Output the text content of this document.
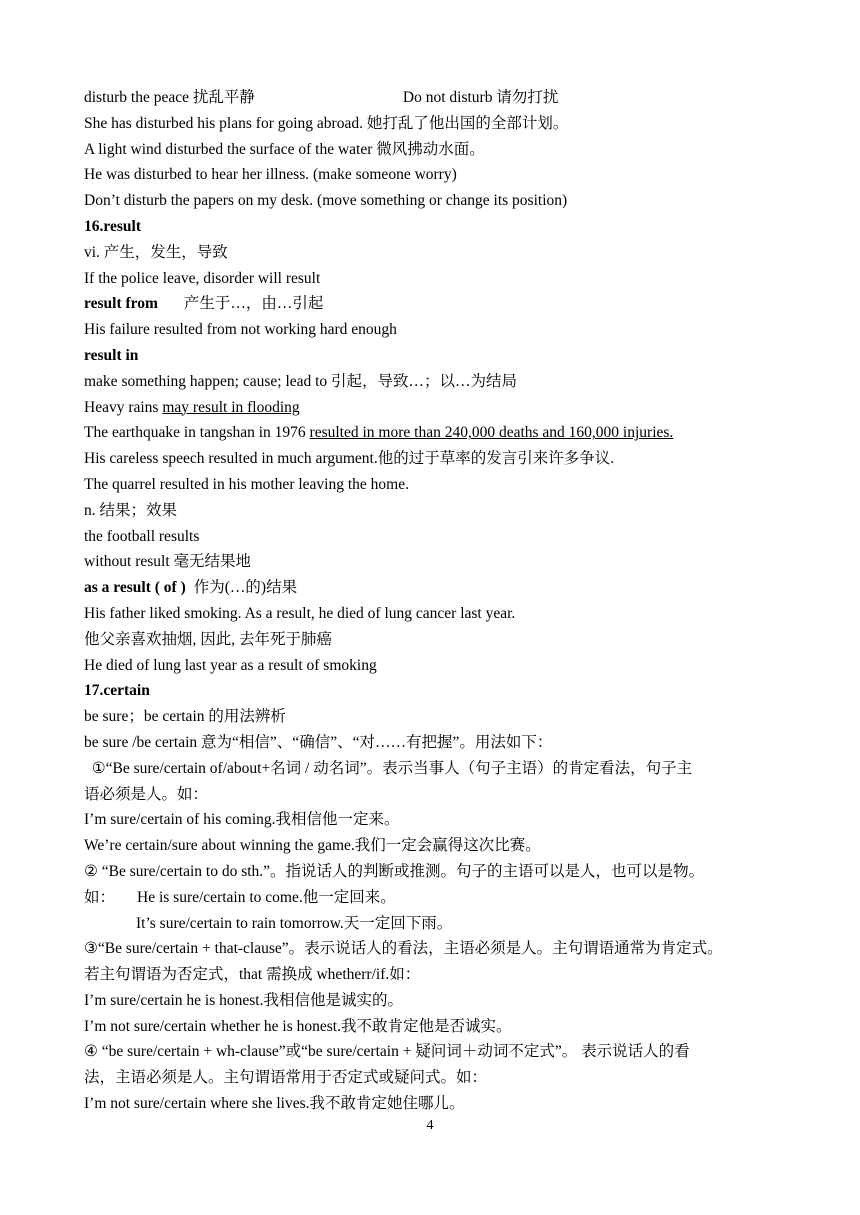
disturb the peace 扰乱平静	Do not disturb 请勿打扰
She has disturbed his plans for going abroad. 她打乱了他出国的全部计划。
A light wind disturbed the surface of the water 微风拂动水面。
He was disturbed to hear her illness. (make someone worry)
Don’t disturb the papers on my desk. (move something or change its position)
16.result
vi. 产生，发生，导致
If the police leave, disorder will result
result from 产生于…，由…引起
His failure resulted from not working hard enough
result in
make something happen; cause; lead to 引起，导致…；以…为结局
Heavy rains may result in flooding
The earthquake in tangshan in 1976 resulted in more than 240,000 deaths and 160,000 injuries.
His careless speech resulted in much argument.他的过于草率的发言引来许多争议.
The quarrel resulted in his mother leaving the home.
n. 结果；效果
the football results
without result 毫无结果地
as a result ( of ) 作为(…的)结果
His father liked smoking. As a result, he died of lung cancer last year.
他父亲喜欢抽烟, 因此, 去年死于肺癌
He died of lung last year as a result of smoking
17.certain
be sure；be certain 的用法辨析
be sure /be certain 意为“相信”、“确信”、“对……有把握”。用法如下：
①“Be sure/certain of/about+名词 / 动名词”。表示当事人（句子主语）的肯定看法，句子主
语必须是人。如：
I’m sure/certain of his coming.我相信他一定来。
We’re certain/sure about winning the game.我们一定会赢得这次比赛。
② “Be sure/certain to do sth.”。指说话人的判断或推测。句子的主语可以是人，也可以是物。
如： He is sure/certain to come.他一定回来。
It’s sure/certain to rain tomorrow.天一定回下雨。
③“Be sure/certain + that-clause”。表示说话人的看法，主语必须是人。主句谓语通常为肯定式。
若主句谓语为否定式，that 需换成 whetherr/if.如：
I’m sure/certain he is honest.我相信他是诚实的。
I’m not sure/certain whether he is honest.我不敢肯定他是否诚实。
④ “be sure/certain + wh-clause”或“be sure/certain + 疑问词＋动词不定式”。 表示说话人的看
法，主语必须是人。主句谓语常用于否定式或疑问式。如：
I’m not sure/certain where she lives.我不敢肯定她住哪儿。
4
